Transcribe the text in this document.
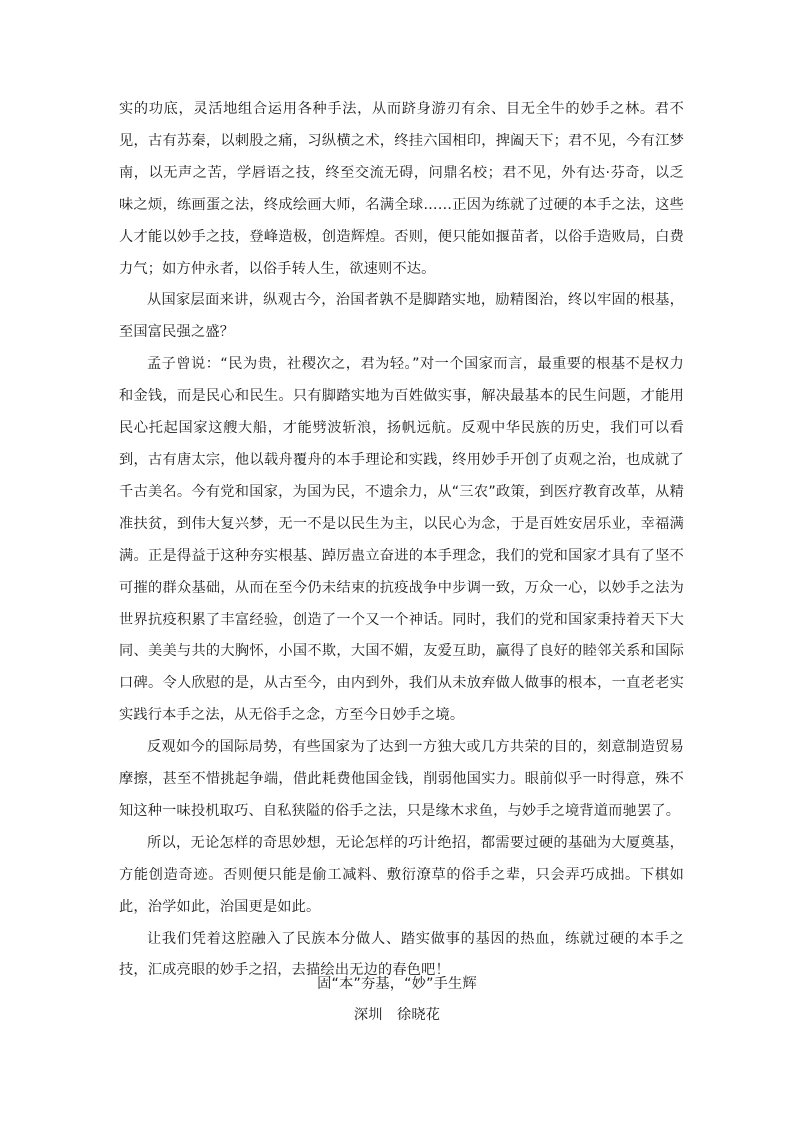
实的功底，灵活地组合运用各种手法，从而跻身游刃有余、目无全牛的妙手之林。君不见，古有苏秦，以刺股之痛，习纵横之术，终挂六国相印，捭阖天下；君不见，今有江梦南，以无声之苦，学唇语之技，终至交流无碍，问鼎名校；君不见，外有达·芬奇，以乏味之烦，练画蛋之法，终成绘画大师，名满全球……正因为练就了过硬的本手之法，这些人才能以妙手之技，登峰造极，创造辉煌。否则，便只能如揠苗者，以俗手造败局，白费力气；如方仲永者，以俗手转人生，欲速则不达。

从国家层面来讲，纵观古今，治国者孰不是脚踏实地，励精图治，终以牢固的根基，至国富民强之盛？

孟子曾说：“民为贵，社稷次之，君为轻。”对一个国家而言，最重要的根基不是权力和金钱，而是民心和民生。只有脚踏实地为百姓做实事，解决最基本的民生问题，才能用民心托起国家这艘大船，才能劈波斩浪，扬帆远航。反观中华民族的历史，我们可以看到，古有唐太宗，他以载舟覆舟的本手理论和实践，终用妙手开创了贞观之治，也成就了千古美名。今有党和国家，为国为民，不遗余力，从“三农”政策，到医疗教育改革，从精准扶贫，到伟大复兴梦，无一不是以民生为主，以民心为念，于是百姓安居乐业，幸福满满。正是得益于这种夯实根基、踔厉蛊立奋进的本手理念，我们的党和国家才具有了坚不可摧的群众基础，从而在至今仍未结束的抗疫战争中步调一致，万众一心，以妙手之法为世界抗疫积累了丰富经验，创造了一个又一个神话。同时，我们的党和国家秉持着天下大同、美美与共的大胸怀，小国不欺，大国不媚，友爱互助，赢得了良好的睦邻关系和国际口碑。令人欣慰的是，从古至今，由内到外，我们从未放弃做人做事的根本，一直老老实实践行本手之法，从无俗手之念，方至今日妙手之境。

反观如今的国际局势，有些国家为了达到一方独大或几方共荣的目的，刻意制造贸易摩擦，甚至不惜挑起争端，借此耗费他国金钱，削弱他国实力。眼前似乎一时得意，殊不知这种一味投机取巧、自私狭隘的俗手之法，只是缘木求鱼，与妙手之境背道而驰罢了。

所以，无论怎样的奇思妙想，无论怎样的巧计绝招，都需要过硬的基础为大厦奠基，方能创造奇迹。否则便只能是偷工减料、敷衍潦草的俗手之辈，只会弄巧成拙。下棋如此，治学如此，治国更是如此。

让我们凭着这腔融入了民族本分做人、踏实做事的基因的热血，练就过硬的本手之技，汇成亮眼的妙手之招，去描绘出无边的春色吧！

固“本”夯基，“妙”手生辉
深圳　徐晓花
